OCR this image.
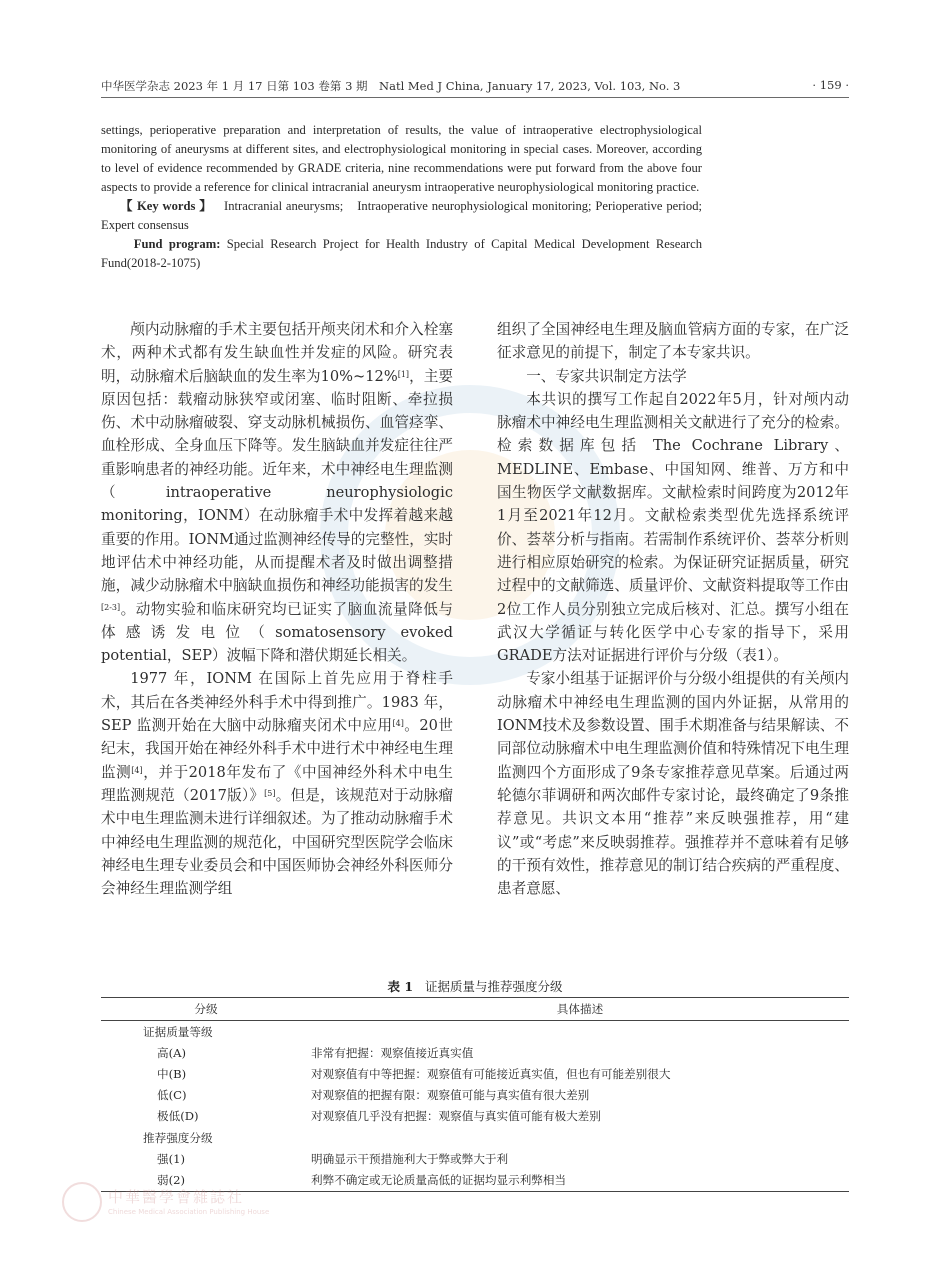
中华医学杂志 2023 年 1 月 17 日第 103 卷第 3 期　Natl Med J China, January 17, 2023, Vol. 103, No. 3	· 159 ·

settings, perioperative preparation and interpretation of results, the value of intraoperative electrophysiological monitoring of aneurysms at different sites, and electrophysiological monitoring in special cases. Moreover, according to level of evidence recommended by GRADE criteria, nine recommendations were put forward from the above four aspects to provide a reference for clinical intracranial aneurysm intraoperative neurophysiological monitoring practice.

【 Key words 】 Intracranial aneurysms;　Intraoperative neurophysiological monitoring; Perioperative period;　Expert consensus

Fund program: Special Research Project for Health Industry of Capital Medical Development Research Fund(2018-2-1075)

颅内动脉瘤的手术主要包括开颅夹闭术和介入栓塞术，两种术式都有发生缺血性并发症的风险。研究表明，动脉瘤术后脑缺血的发生率为10%~12%[1]，主要原因包括：载瘤动脉狭窄或闭塞、临时阻断、牵拉损伤、术中动脉瘤破裂、穿支动脉机械损伤、血管痉挛、血栓形成、全身血压下降等。发生脑缺血并发症往往严重影响患者的神经功能。近年来，术中神经电生理监测（intraoperative neurophysiologic monitoring，IONM）在动脉瘤手术中发挥着越来越重要的作用。IONM通过监测神经传导的完整性，实时地评估术中神经功能，从而提醒术者及时做出调整措施，减少动脉瘤术中脑缺血损伤和神经功能损害的发生[2-3]。动物实验和临床研究均已证实了脑血流量降低与体感诱发电位（somatosensory evoked potential，SEP）波幅下降和潜伏期延长相关。

1977 年，IONM 在国际上首先应用于脊柱手术，其后在各类神经外科手术中得到推广。1983 年，SEP 监测开始在大脑中动脉瘤夹闭术中应用[4]。20世纪末，我国开始在神经外科手术中进行术中神经电生理监测[4]，并于2018年发布了《中国神经外科术中电生理监测规范（2017版）》[5]。但是，该规范对于动脉瘤术中电生理监测未进行详细叙述。为了推动动脉瘤手术中神经电生理监测的规范化，中国研究型医院学会临床神经电生理专业委员会和中国医师协会神经外科医师分会神经生理监测学组

组织了全国神经电生理及脑血管病方面的专家，在广泛征求意见的前提下，制定了本专家共识。

一、专家共识制定方法学

本共识的撰写工作起自2022年5月，针对颅内动脉瘤术中神经电生理监测相关文献进行了充分的检索。检索数据库包括 The Cochrane Library、MEDLINE、Embase、中国知网、维普、万方和中国生物医学文献数据库。文献检索时间跨度为2012年1月至2021年12月。文献检索类型优先选择系统评价、荟萃分析与指南。若需制作系统评价、荟萃分析则进行相应原始研究的检索。为保证研究证据质量，研究过程中的文献筛选、质量评价、文献资料提取等工作由2位工作人员分别独立完成后核对、汇总。撰写小组在武汉大学循证与转化医学中心专家的指导下，采用GRADE方法对证据进行评价与分级（表1）。

专家小组基于证据评价与分级小组提供的有关颅内动脉瘤术中神经电生理监测的国内外证据，从常用的IONM技术及参数设置、围手术期准备与结果解读、不同部位动脉瘤术中电生理监测价值和特殊情况下电生理监测四个方面形成了9条专家推荐意见草案。后通过两轮德尔菲调研和两次邮件专家讨论，最终确定了9条推荐意见。共识文本用“推荐”来反映强推荐，用“建议”或“考虑”来反映弱推荐。强推荐并不意味着有足够的干预有效性，推荐意见的制订结合疾病的严重程度、患者意愿、

表 1 证据质量与推荐强度分级
分级	具体描述
证据质量等级	
高(A)	非常有把握：观察值接近真实值
中(B)	对观察值有中等把握：观察值有可能接近真实值，但也有可能差别很大
低(C)	对观察值的把握有限：观察值可能与真实值有很大差别
极低(D)	对观察值几乎没有把握：观察值与真实值可能有极大差别
推荐强度分级	
强(1)	明确显示干预措施利大于弊或弊大于利
弱(2)	利弊不确定或无论质量高低的证据均显示利弊相当
中華醫學會雜誌社
Chinese Medical Association Publishing House
